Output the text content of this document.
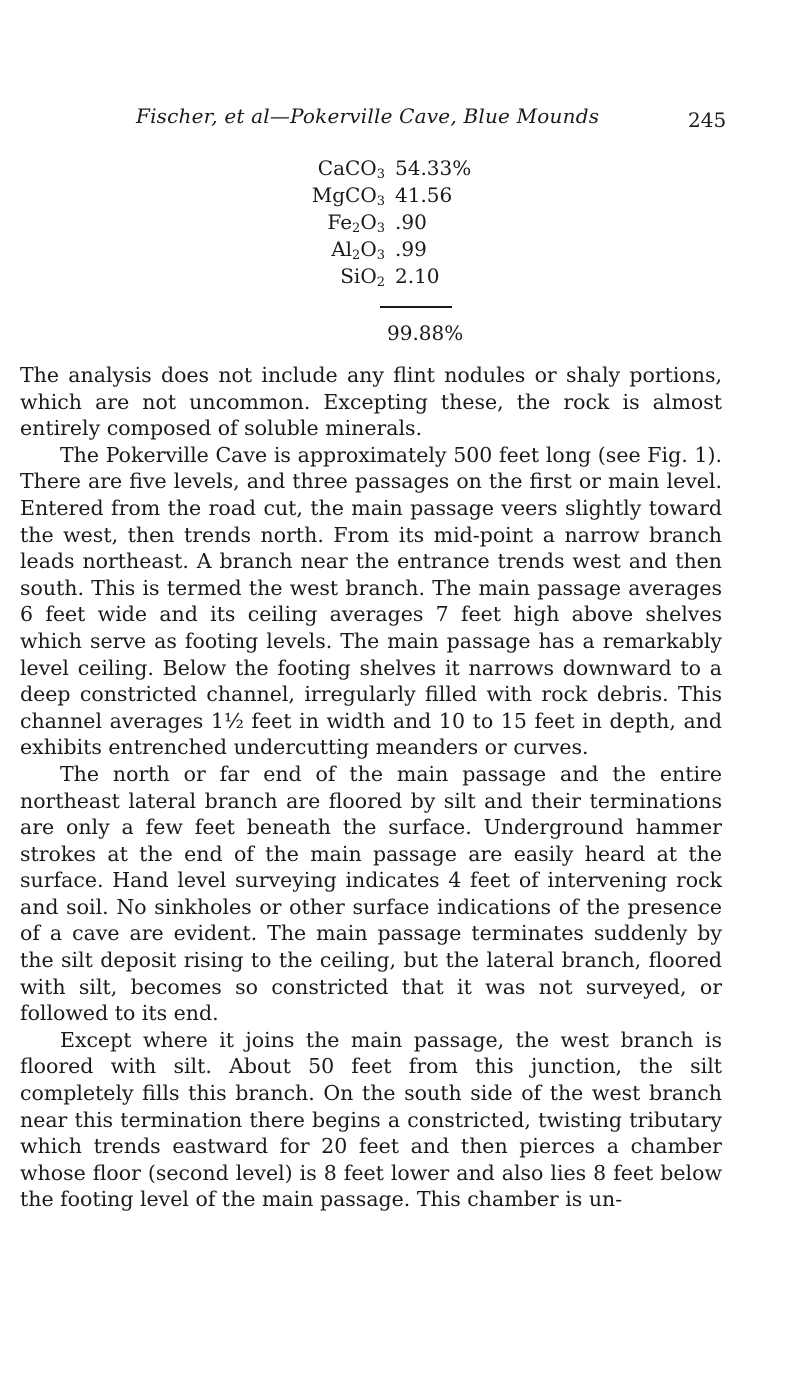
Fischer, et al—Pokerville Cave, Blue Mounds	245
CaCO$_3$ 54.33%
MgCO$_3$ 41.56
$Fe_2O_3$ .90
$Al_2O_3$ .99
SiO$_2$ 2.10
99.88%

The analysis does not include any flint nodules or shaly portions, which are not uncommon. Excepting these, the rock is almost entirely composed of soluble minerals.

The Pokerville Cave is approximately 500 feet long (see Fig. 1). There are five levels, and three passages on the first or main level. Entered from the road cut, the main passage veers slightly toward the west, then trends north. From its mid-point a narrow branch leads northeast. A branch near the entrance trends west and then south. This is termed the west branch. The main passage averages 6 feet wide and its ceiling averages 7 feet high above shelves which serve as footing levels. The main passage has a remarkably level ceiling. Below the footing shelves it narrows downward to a deep constricted channel, irregularly filled with rock debris. This channel averages 1½ feet in width and 10 to 15 feet in depth, and exhibits entrenched undercutting meanders or curves.

The north or far end of the main passage and the entire northeast lateral branch are floored by silt and their terminations are only a few feet beneath the surface. Underground hammer strokes at the end of the main passage are easily heard at the surface. Hand level surveying indicates 4 feet of intervening rock and soil. No sinkholes or other surface indications of the presence of a cave are evident. The main passage terminates suddenly by the silt deposit rising to the ceiling, but the lateral branch, floored with silt, becomes so constricted that it was not surveyed, or followed to its end.

Except where it joins the main passage, the west branch is floored with silt. About 50 feet from this junction, the silt completely fills this branch. On the south side of the west branch near this termination there begins a constricted, twisting tributary which trends eastward for 20 feet and then pierces a chamber whose floor (second level) is 8 feet lower and also lies 8 feet below the footing level of the main passage. This chamber is un-
